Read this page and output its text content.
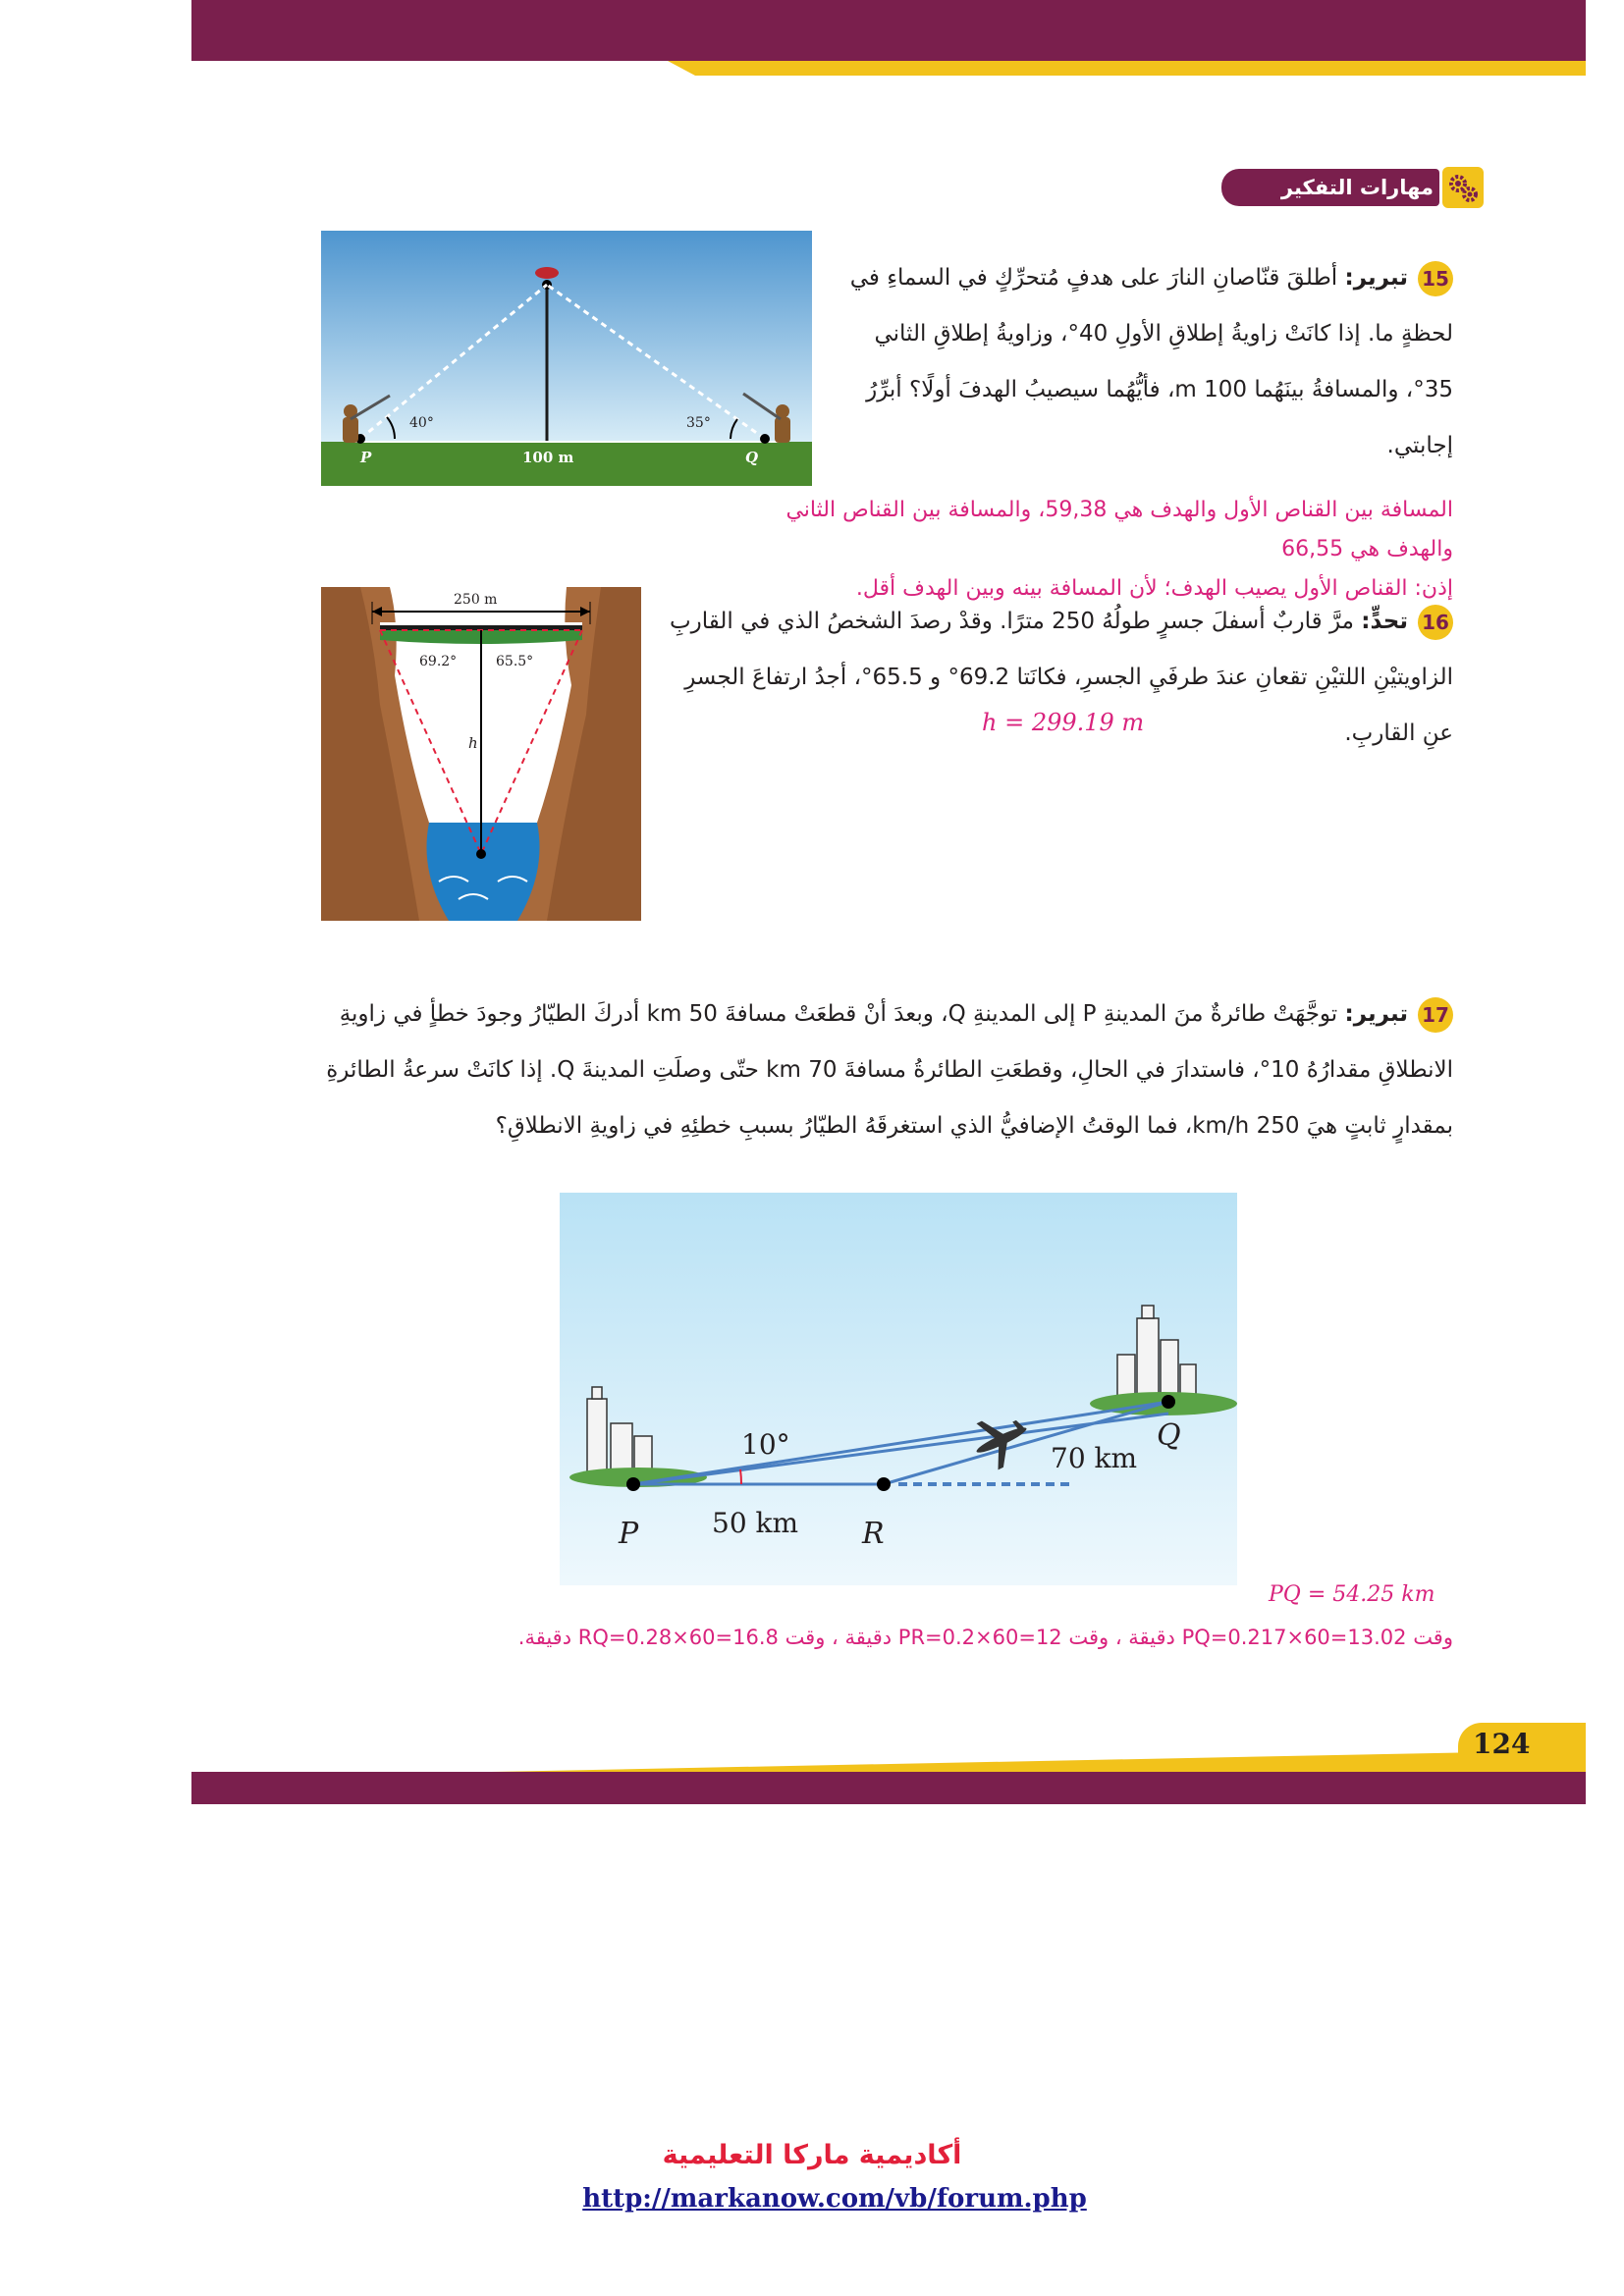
مهارات التفكير العليا
15تبرير: أطلقَ قنّاصانِ النارَ على هدفٍ مُتحرِّكٍ في السماءِ في لحظةٍ ما. إذا كانَتْ زاويةُ إطلاقِ الأولِ 40°، وزاويةُ إطلاقِ الثاني 35°، والمسافةُ بينَهُما 100 m، فأيُّهُما سيصيبُ الهدفَ أولًا؟ أبرِّرُ إجابتي.
40°	35°
100 m
P	Q
المسافة بين القناص الأول والهدف هي 59,38، والمسافة بين القناص الثاني والهدف هي 66,55
إذن: القناص الأول يصيب الهدف؛ لأن المسافة بينه وبين الهدف أقل.
16تحدٍّ: مرَّ قاربٌ أسفلَ جسرٍ طولُهُ 250 مترًا. وقدْ رصدَ الشخصُ الذي في القاربِ الزاويتيْنِ اللتيْنِ تقعانِ عندَ طرفَيِ الجسرِ، فكانَتا 69.2° و 65.5°، أجدُ ارتفاعَ الجسرِ عنِ القاربِ.
h = 299.19 m
250 m
69.2°	65.5°
h
17تبرير: توجَّهَتْ طائرةٌ منَ المدينةِ P إلى المدينةِ Q، وبعدَ أنْ قطعَتْ مسافةَ 50 km أدركَ الطيّارُ وجودَ خطأٍ في زاويةِ الانطلاقِ مقدارُهُ 10°، فاستدارَ في الحالِ، وقطعَتِ الطائرةُ مسافةَ 70 km حتّى وصلَتِ المدينةَ Q. إذا كانَتْ سرعةُ الطائرةِ بمقدارٍ ثابتٍ هيَ 250 km/h، فما الوقتُ الإضافيُّ الذي استغرقَهُ الطيّارُ بسببِ خطئِهِ في زاويةِ الانطلاقِ؟
10°
50 km
70 km
P	R
Q
PQ = 54.25 km
وقت PQ=0.217×60=13.02 دقيقة ، وقت PR=0.2×60=12 دقيقة ، وقت RQ=0.28×60=16.8 دقيقة.
124
أكاديمية ماركا التعليمية
http://markanow.com/vb/forum.php
